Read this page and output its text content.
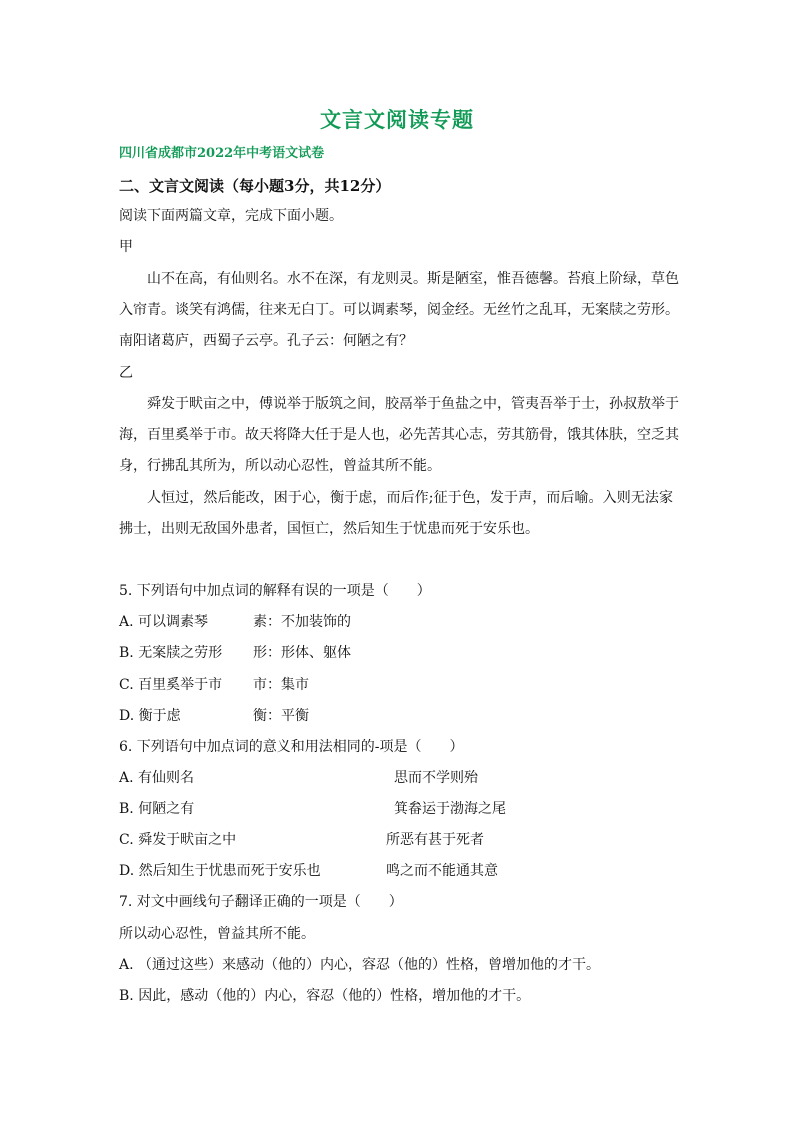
文言文阅读专题
四川省成都市2022年中考语文试卷
二、文言文阅读（每小题3分，共12分）
阅读下面两篇文章，完成下面小题。
甲
山不在高，有仙则名。水不在深，有龙则灵。斯是陋室，惟吾德馨。苔痕上阶绿，草色
入帘青。谈笑有鸿儒，往来无白丁。可以调素琴，阅金经。无丝竹之乱耳，无案牍之劳形。
南阳诸葛庐，西蜀子云亭。孔子云：何陋之有？
乙
舜发于畎亩之中，傅说举于版筑之间，胶鬲举于鱼盐之中，管夷吾举于士，孙叔敖举于
海，百里奚举于市。故天将降大任于是人也，必先苦其心志，劳其筋骨，饿其体肤，空乏其
身，行拂乱其所为，所以动心忍性，曾益其所不能。
人恒过，然后能改，困于心，衡于虑，而后作;征于色，发于声，而后喻。入则无法家
拂士，出则无敌国外患者，国恒亡，然后知生于忧患而死于安乐也。
5. 下列语句中加点词的解释有误的一项是（　　）
A. 可以调素琴	素：不加装饰的
B. 无案牍之劳形 形：形体、躯体
C. 百里奚举于市 市：集市
D. 衡于虑	衡：平衡
6. 下列语句中加点词的意义和用法相同的-项是（　　）
A. 有仙则名	思而不学则殆
B. 何陋之有	箕畚运于渤海之尾
C. 舜发于畎亩之中	所恶有甚于死者
D. 然后知生于忧患而死于安乐也	鸣之而不能通其意
7. 对文中画线句子翻译正确的一项是（　　）
所以动心忍性，曾益其所不能。
A. （通过这些）来感动（他的）内心，容忍（他的）性格，曾增加他的才干。
B. 因此，感动（他的）内心，容忍（他的）性格，增加他的才干。
